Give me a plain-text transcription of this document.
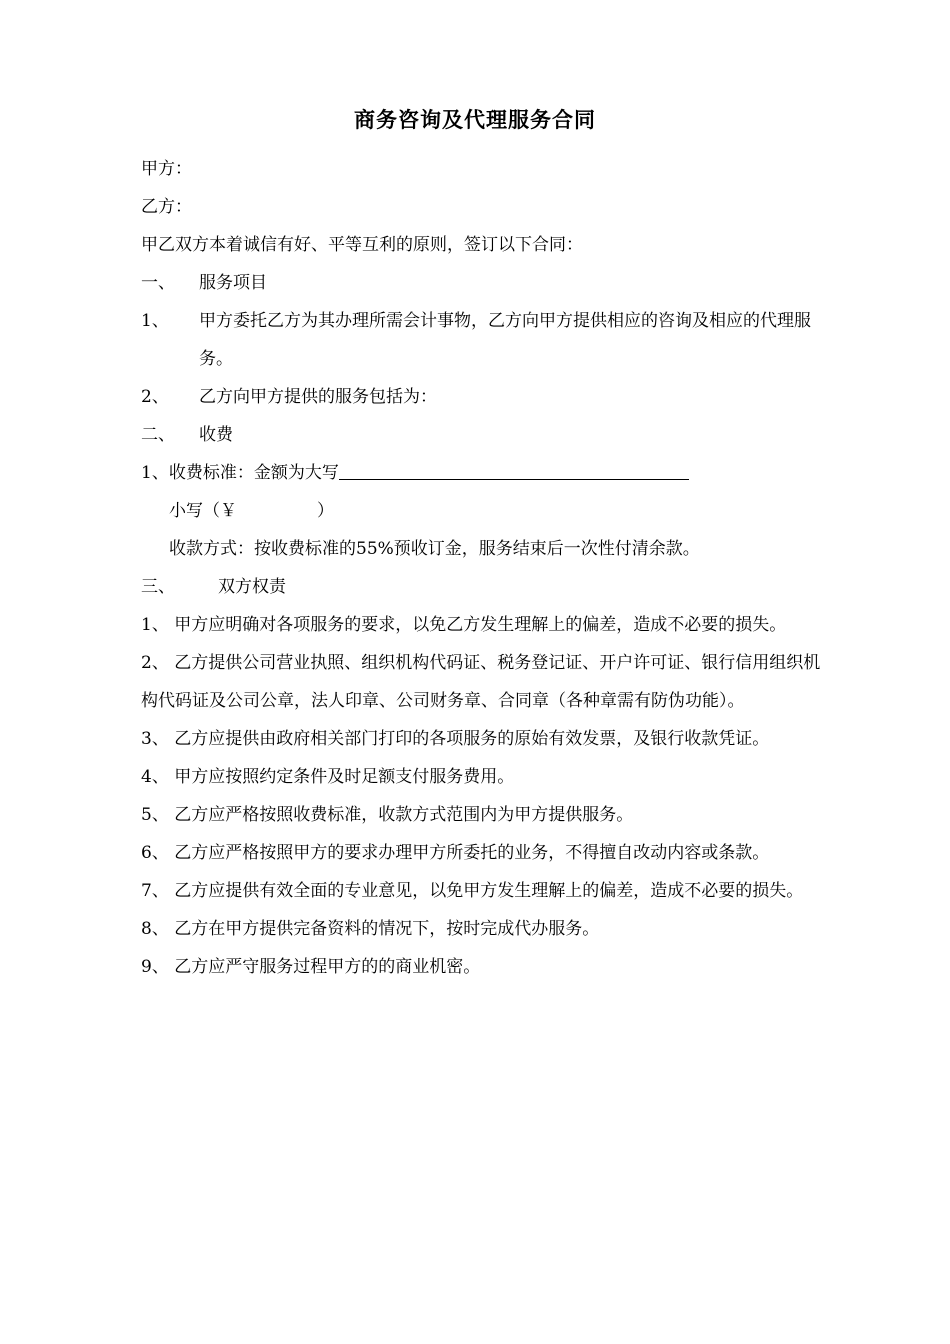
商务咨询及代理服务合同
甲方：
乙方：
甲乙双方本着诚信有好、平等互利的原则，签订以下合同：
一、	服务项目
1、	甲方委托乙方为其办理所需会计事物，乙方向甲方提供相应的咨询及相应的代理服务。
2、	乙方向甲方提供的服务包括为：
二、	收费
1、收费标准：金额为大写
小写（￥	）
收款方式：按收费标准的55%预收订金，服务结束后一次性付清余款。
三、	双方权责
1、 甲方应明确对各项服务的要求，以免乙方发生理解上的偏差，造成不必要的损失。
2、 乙方提供公司营业执照、组织机构代码证、税务登记证、开户许可证、银行信用组织机构代码证及公司公章，法人印章、公司财务章、合同章（各种章需有防伪功能）。
3、 乙方应提供由政府相关部门打印的各项服务的原始有效发票，及银行收款凭证。
4、 甲方应按照约定条件及时足额支付服务费用。
5、 乙方应严格按照收费标准，收款方式范围内为甲方提供服务。
6、 乙方应严格按照甲方的要求办理甲方所委托的业务，不得擅自改动内容或条款。
7、 乙方应提供有效全面的专业意见，以免甲方发生理解上的偏差，造成不必要的损失。
8、 乙方在甲方提供完备资料的情况下，按时完成代办服务。
9、 乙方应严守服务过程甲方的的商业机密。
